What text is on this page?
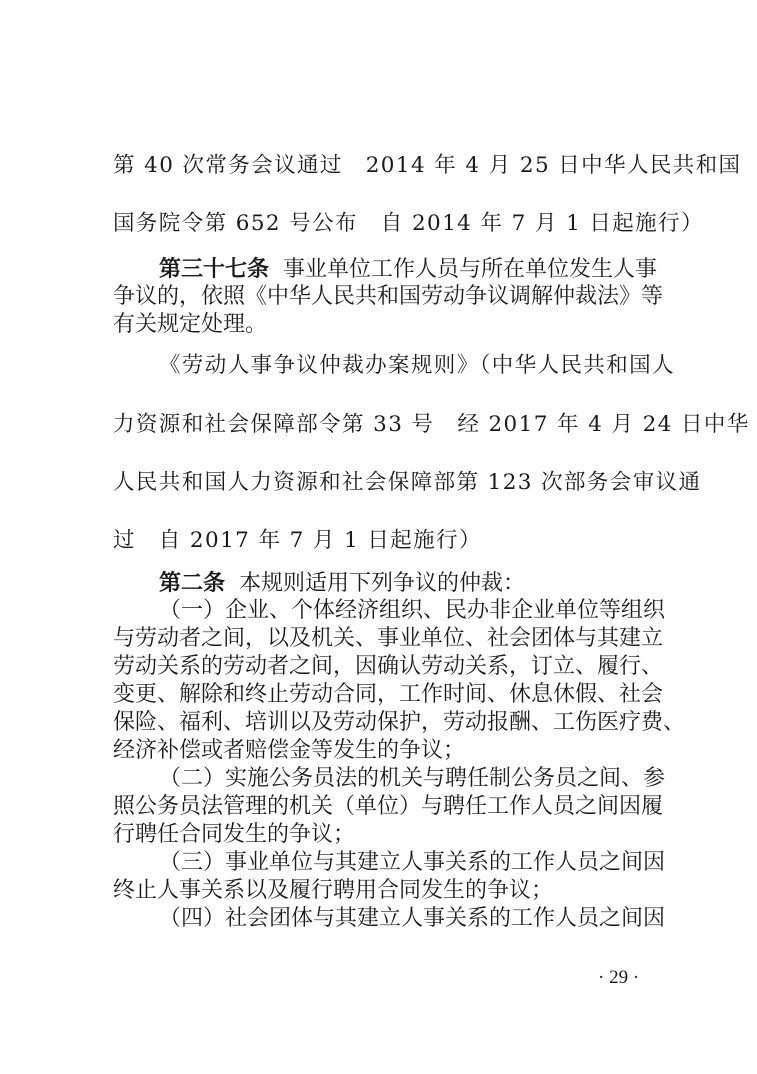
第 40 次常务会议通过　2014 年 4 月 25 日中华人民共和国
国务院令第 652 号公布　自 2014 年 7 月 1 日起施行）
第三十七条 事业单位工作人员与所在单位发生人事
争议的，依照《中华人民共和国劳动争议调解仲裁法》等
有关规定处理。
《劳动人事争议仲裁办案规则》（中华人民共和国人
力资源和社会保障部令第 33 号　经 2017 年 4 月 24 日中华
人民共和国人力资源和社会保障部第 123 次部务会审议通
过　自 2017 年 7 月 1 日起施行）
第二条 本规则适用下列争议的仲裁：
（一）企业、个体经济组织、民办非企业单位等组织
与劳动者之间，以及机关、事业单位、社会团体与其建立
劳动关系的劳动者之间，因确认劳动关系，订立、履行、
变更、解除和终止劳动合同，工作时间、休息休假、社会
保险、福利、培训以及劳动保护，劳动报酬、工伤医疗费、
经济补偿或者赔偿金等发生的争议；
（二）实施公务员法的机关与聘任制公务员之间、参
照公务员法管理的机关（单位）与聘任工作人员之间因履
行聘任合同发生的争议；
（三）事业单位与其建立人事关系的工作人员之间因
终止人事关系以及履行聘用合同发生的争议；
（四）社会团体与其建立人事关系的工作人员之间因
· 29 ·
